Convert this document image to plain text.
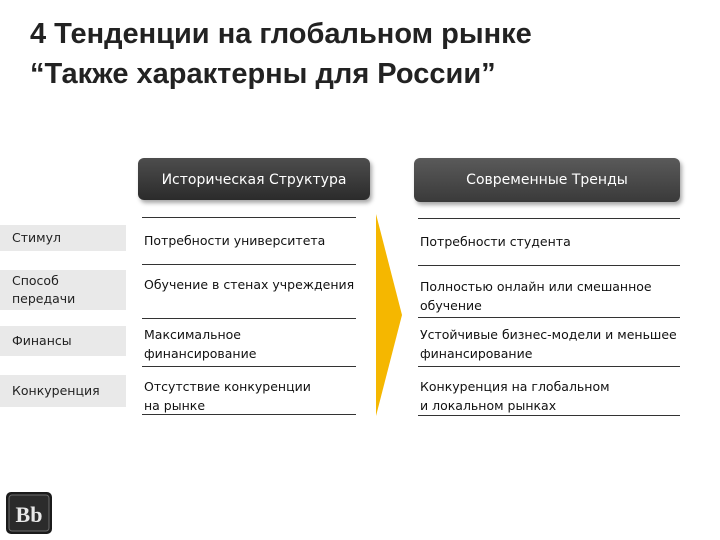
4 Тенденции на глобальном рынке
“Также характерны для России”
Историческая Структура	Современные Тренды
Стимул
Способ
передачи
Финансы
Конкуренция
Потребности университета
Обучение в стенах учреждения
Максимальное
финансирование
Отсутствие конкуренции
на рынке
Потребности студента
Полностью онлайн или смешанное
обучение
Устойчивые бизнес-модели и меньшее
финансирование
Конкуренция на глобальном
и локальном рынках
Bb
